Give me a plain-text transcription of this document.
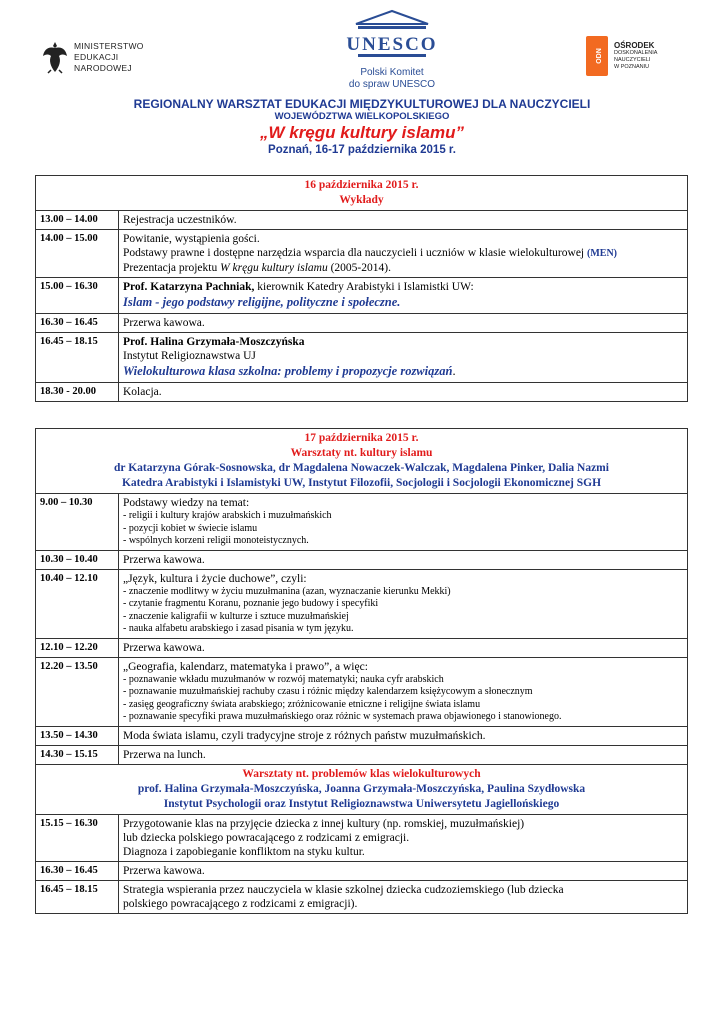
MINISTERSTWO
EDUKACJI
NARODOWEJ
UNESCO
Polski Komitet
do spraw UNESCO
ODN
OŚRODEK
DOSKONALENIA
NAUCZYCIELI
W POZNANIU
REGIONALNY WARSZTAT EDUKACJI MIĘDZYKULTUROWEJ DLA NAUCZYCIELI
WOJEWÓDZTWA WIELKOPOLSKIEGO
„W kręgu kultury islamu”
Poznań, 16-17 października 2015 r.
16 października 2015 r.
Wykłady	

13.00 – 14.00	Rejestracja uczestników.
14.00 – 15.00	Powitanie, wystąpienia gości.
Podstawy prawne i dostępne narzędzia wsparcia dla nauczycieli i uczniów w klasie wielokulturowej (MEN)
Prezentacja projektu W kręgu kultury islamu (2005-2014).

15.00 – 16.30	Prof. Katarzyna Pachniak, kierownik Katedry Arabistyki i Islamistki UW:
Islam - jego podstawy religijne, polityczne i społeczne.

16.30 – 16.45	Przerwa kawowa.
16.45 – 18.15	Prof. Halina Grzymała-Moszczyńska
Instytut Religioznawstwa UJ
Wielokulturowa klasa szkolna: problemy i propozycje rozwiązań.

18.30 - 20.00	Kolacja.
17 października 2015 r.
Warsztaty nt. kultury islamu
dr Katarzyna Górak-Sosnowska, dr Magdalena Nowaczek-Walczak, Magdalena Pinker, Dalia Nazmi
Katedra Arabistyki i Islamistyki UW, Instytut Filozofii, Socjologii i Socjologii Ekonomicznej SGH	

9.00 – 10.30	Podstawy wiedzy na temat:
- religii i kultury krajów arabskich i muzułmańskich
- pozycji kobiet w świecie islamu
- wspólnych korzeni religii monoteistycznych.

10.30 – 10.40	Przerwa kawowa.
10.40 – 12.10	„Język, kultura i życie duchowe”, czyli:
- znaczenie modlitwy w życiu muzułmanina (azan, wyznaczanie kierunku Mekki)
- czytanie fragmentu Koranu, poznanie jego budowy i specyfiki
- znaczenie kaligrafii w kulturze i sztuce muzułmańskiej
- nauka alfabetu arabskiego i zasad pisania w tym języku.

12.10 – 12.20	Przerwa kawowa.
12.20 – 13.50	„Geografia, kalendarz, matematyka i prawo”, a więc:
- poznawanie wkładu muzułmanów w rozwój matematyki; nauka cyfr arabskich
- poznawanie muzułmańskiej rachuby czasu i różnic między kalendarzem księżycowym a słonecznym
- zasięg geograficzny świata arabskiego; zróżnicowanie etniczne i religijne świata islamu
- poznawanie specyfiki prawa muzułmańskiego oraz różnic w systemach prawa objawionego i stanowionego.

13.50 – 14.30	Moda świata islamu, czyli tradycyjne stroje z różnych państw muzułmańskich.
14.30 – 15.15	Przerwa na lunch.

Warsztaty nt. problemów klas wielokulturowych
prof. Halina Grzymała-Moszczyńska, Joanna Grzymała-Moszczyńska, Paulina Szydłowska
Instytut Psychologii oraz Instytut Religioznawstwa Uniwersytetu Jagiellońskiego	

15.15 – 16.30	Przygotowanie klas na przyjęcie dziecka z innej kultury (np. romskiej, muzułmańskiej)
lub dziecka polskiego powracającego z rodzicami z emigracji.
Diagnoza i zapobieganie konfliktom na styku kultur.

16.30 – 16.45	Przerwa kawowa.
16.45 – 18.15	Strategia wspierania przez nauczyciela w klasie szkolnej dziecka cudzoziemskiego (lub dziecka
polskiego powracającego z rodzicami z emigracji).
